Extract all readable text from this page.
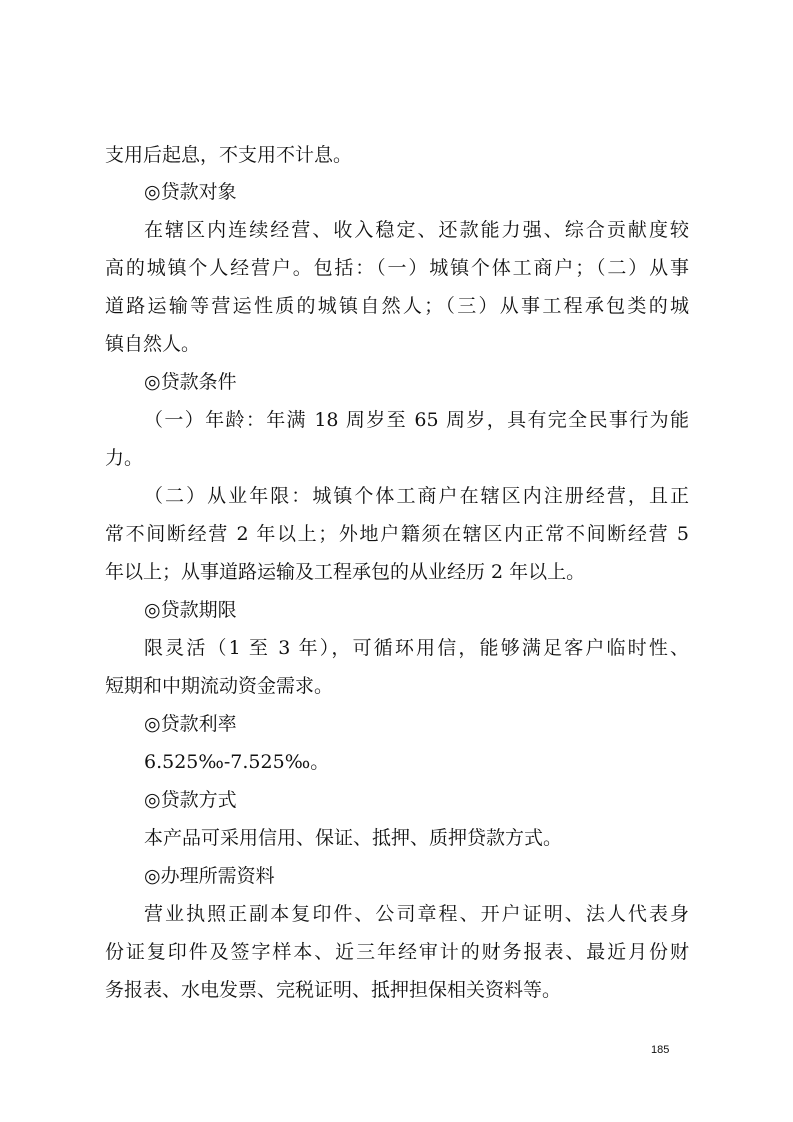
支用后起息，不支用不计息。

◎贷款对象

在辖区内连续经营、收入稳定、还款能力强、综合贡献度较

高的城镇个人经营户。包括：（一）城镇个体工商户；（二）从事

道路运输等营运性质的城镇自然人；（三）从事工程承包类的城

镇自然人。

◎贷款条件

（一）年龄：年满 18 周岁至 65 周岁，具有完全民事行为能

力。

（二）从业年限：城镇个体工商户在辖区内注册经营，且正

常不间断经营 2 年以上；外地户籍须在辖区内正常不间断经营 5

年以上；从事道路运输及工程承包的从业经历 2 年以上。

◎贷款期限

限灵活（1 至 3 年），可循环用信，能够满足客户临时性、

短期和中期流动资金需求。

◎贷款利率

6.525‰-7.525‰。

◎贷款方式

本产品可采用信用、保证、抵押、质押贷款方式。

◎办理所需资料

营业执照正副本复印件、公司章程、开户证明、法人代表身

份证复印件及签字样本、近三年经审计的财务报表、最近月份财

务报表、水电发票、完税证明、抵押担保相关资料等。

185
